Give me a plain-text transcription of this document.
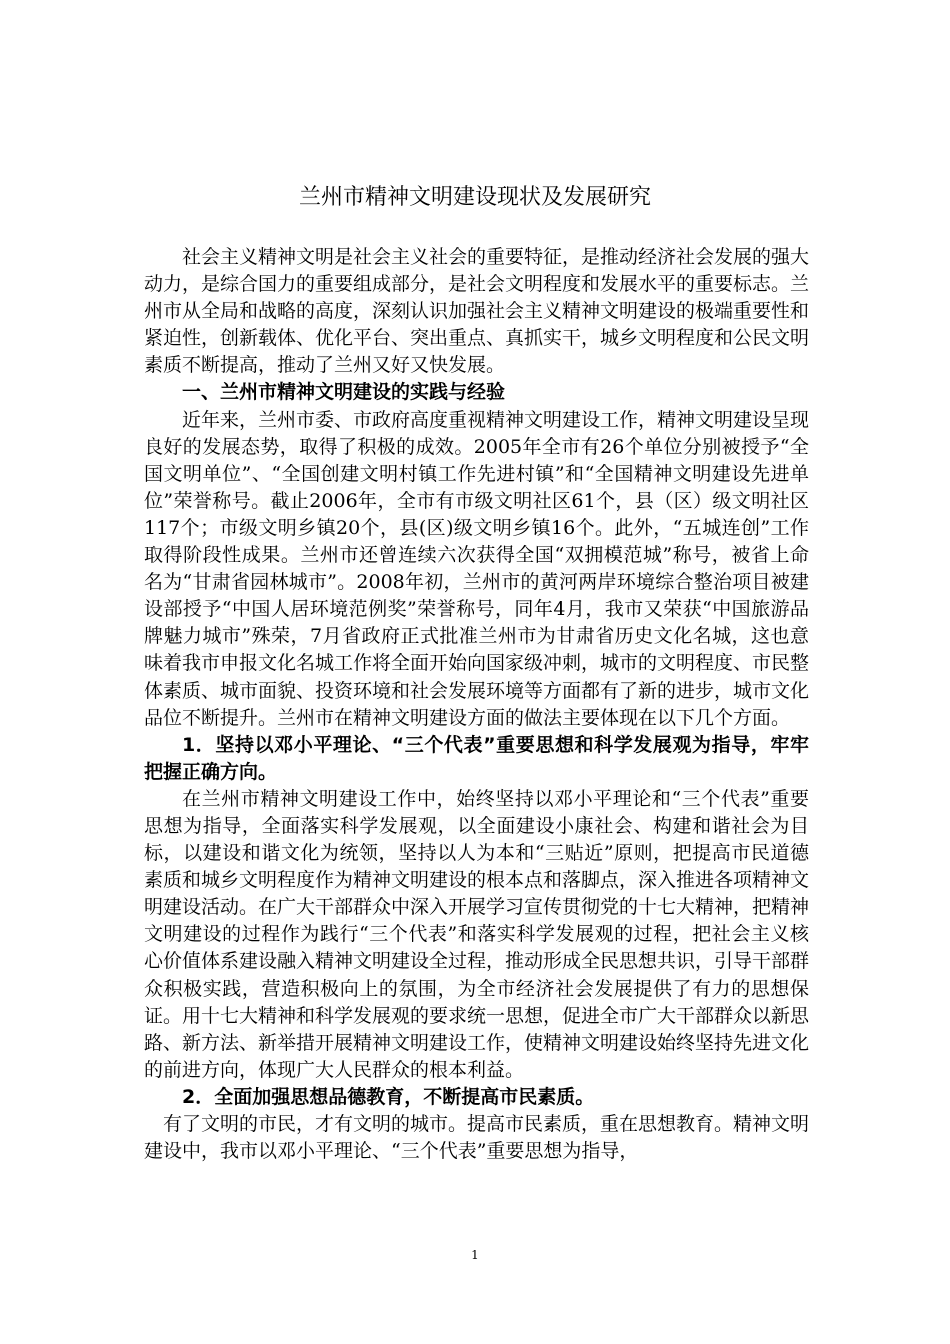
兰州市精神文明建设现状及发展研究

社会主义精神文明是社会主义社会的重要特征，是推动经济社会发展的强大动力，是综合国力的重要组成部分，是社会文明程度和发展水平的重要标志。兰州市从全局和战略的高度，深刻认识加强社会主义精神文明建设的极端重要性和紧迫性，创新载体、优化平台、突出重点、真抓实干，城乡文明程度和公民文明素质不断提高，推动了兰州又好又快发展。

一、兰州市精神文明建设的实践与经验

近年来，兰州市委、市政府高度重视精神文明建设工作，精神文明建设呈现良好的发展态势，取得了积极的成效。2005年全市有26个单位分别被授予“全国文明单位”、“全国创建文明村镇工作先进村镇”和“全国精神文明建设先进单位”荣誉称号。截止2006年，全市有市级文明社区61个，县（区）级文明社区117个；市级文明乡镇20个，县(区)级文明乡镇16个。此外，“五城连创”工作取得阶段性成果。兰州市还曾连续六次获得全国“双拥模范城”称号，被省上命名为“甘肃省园林城市”。2008年初，兰州市的黄河两岸环境综合整治项目被建设部授予“中国人居环境范例奖”荣誉称号，同年4月，我市又荣获“中国旅游品牌魅力城市”殊荣，7月省政府正式批准兰州市为甘肃省历史文化名城，这也意味着我市申报文化名城工作将全面开始向国家级冲刺，城市的文明程度、市民整体素质、城市面貌、投资环境和社会发展环境等方面都有了新的进步，城市文化品位不断提升。兰州市在精神文明建设方面的做法主要体现在以下几个方面。

1．坚持以邓小平理论、“三个代表”重要思想和科学发展观为指导，牢牢把握正确方向。

在兰州市精神文明建设工作中，始终坚持以邓小平理论和“三个代表”重要思想为指导，全面落实科学发展观，以全面建设小康社会、构建和谐社会为目标，以建设和谐文化为统领，坚持以人为本和“三贴近”原则，把提高市民道德素质和城乡文明程度作为精神文明建设的根本点和落脚点，深入推进各项精神文明建设活动。在广大干部群众中深入开展学习宣传贯彻党的十七大精神，把精神文明建设的过程作为践行“三个代表”和落实科学发展观的过程，把社会主义核心价值体系建设融入精神文明建设全过程，推动形成全民思想共识，引导干部群众积极实践，营造积极向上的氛围，为全市经济社会发展提供了有力的思想保证。用十七大精神和科学发展观的要求统一思想，促进全市广大干部群众以新思路、新方法、新举措开展精神文明建设工作，使精神文明建设始终坚持先进文化的前进方向，体现广大人民群众的根本利益。

2．全面加强思想品德教育，不断提高市民素质。

有了文明的市民，才有文明的城市。提高市民素质，重在思想教育。精神文明建设中，我市以邓小平理论、“三个代表”重要思想为指导，

1
